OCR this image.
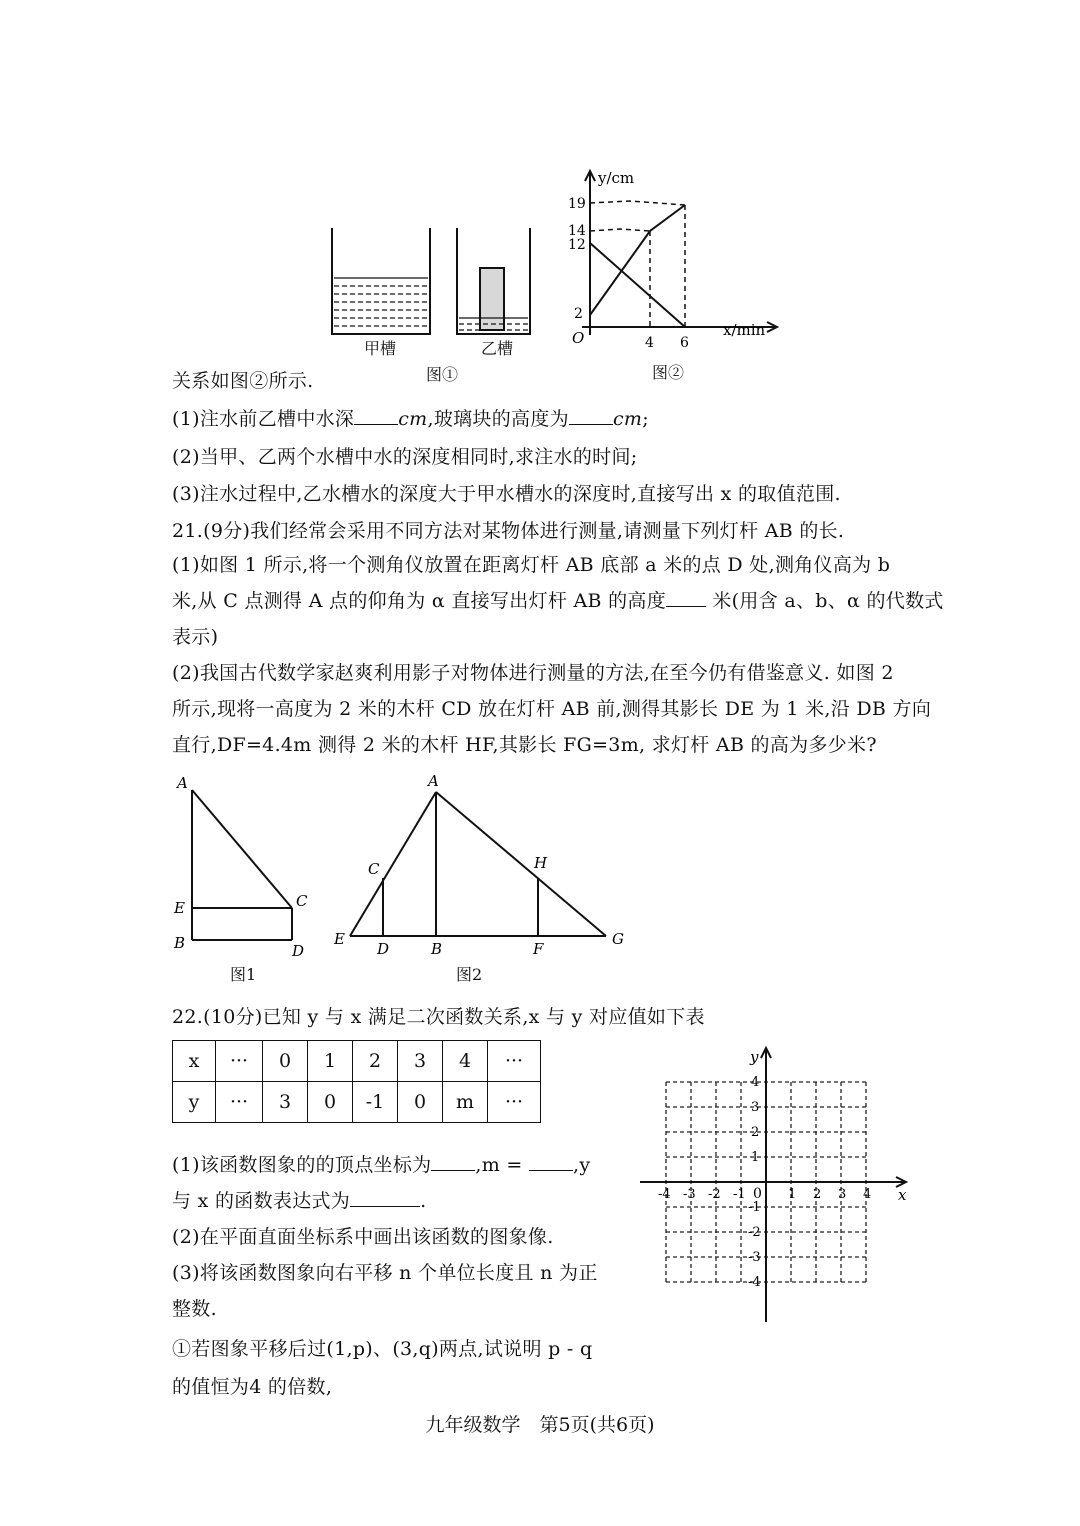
甲槽	乙槽
图①
y/cm
x/min
O
19
14
12
2
4 6
图②
关系如图②所示.
(1)注水前乙槽中水深 cm,玻璃块的高度为 cm;
(2)当甲、乙两个水槽中水的深度相同时,求注水的时间;
(3)注水过程中,乙水槽水的深度大于甲水槽水的深度时,直接写出 x 的取值范围.
21.(9分)我们经常会采用不同方法对某物体进行测量,请测量下列灯杆 AB 的长.
(1)如图 1 所示,将一个测角仪放置在距离灯杆 AB 底部 a 米的点 D 处,测角仪高为 b
米,从 C 点测得 A 点的仰角为 α 直接写出灯杆 AB 的高度 米(用含 a、b、α 的代数式
表示)
(2)我国古代数学家赵爽利用影子对物体进行测量的方法,在至今仍有借鉴意义. 如图 2
所示,现将一高度为 2 米的木杆 CD 放在灯杆 AB 前,测得其影长 DE 为 1 米,沿 DB 方向
直行,DF=4.4m 测得 2 米的木杆 HF,其影长 FG=3m, 求灯杆 AB 的高为多少米?
A
E
B
C
D
图1
A
C	H
E
D	B	F
G
图2
22.(10分)已知 y 与 x 满足二次函数关系,x 与 y 对应值如下表
x	···	0	1	2	3	4	···
y	···	3	0	-1	0	m	···
(1)该函数图象的的顶点坐标为 ,m =	,y
与 x 的函数表达式为	.
(2)在平面直面坐标系中画出该函数的图象像.
(3)将该函数图象向右平移 n 个单位长度且 n 为正
整数.
①若图象平移后过(1,p)、(3,q)两点,试说明 p - q
的值恒为4 的倍数,
y
x
0
-4 -3 -2 -1	1 2 3 4
4
3
2
1
-1
-2
-3
-4
九年级数学　第5页(共6页)
